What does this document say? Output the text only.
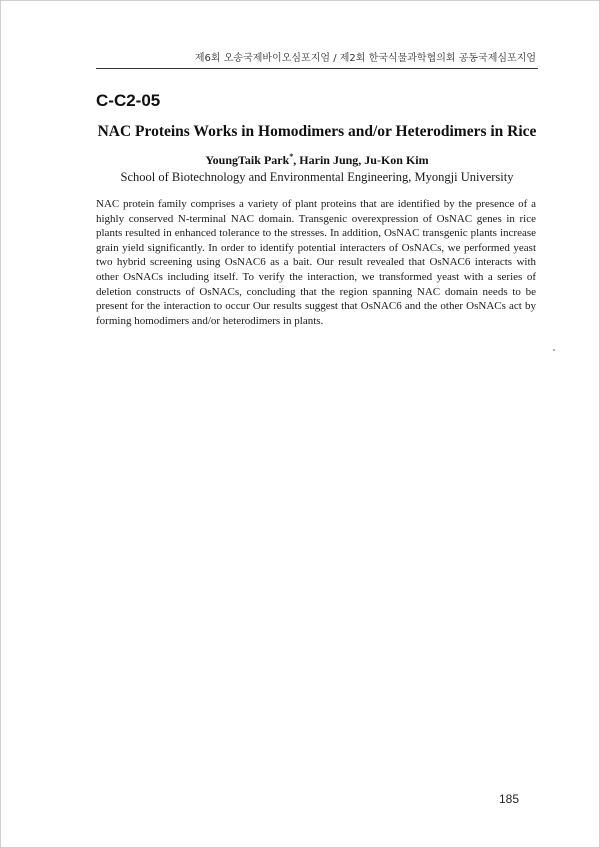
제6회 오송국제바이오심포지엄 / 제2회 한국식물과학협의회 공동국제심포지엄
C-C2-05
NAC Proteins Works in Homodimers and/or Heterodimers in Rice
YoungTaik Park*, Harin Jung, Ju-Kon Kim
School of Biotechnology and Environmental Engineering, Myongji University

NAC protein family comprises a variety of plant proteins that are identified by the presence of a highly conserved N-terminal NAC domain. Transgenic overexpression of OsNAC genes in rice plants resulted in enhanced tolerance to the stresses. In addition, OsNAC transgenic plants increase grain yield significantly. In order to identify potential interacters of OsNACs, we performed yeast two hybrid screening using OsNAC6 as a bait. Our result revealed that OsNAC6 interacts with other OsNACs including itself. To verify the interaction, we transformed yeast with a series of deletion constructs of OsNACs, concluding that the region spanning NAC domain needs to be present for the interaction to occur Our results suggest that OsNAC6 and the other OsNACs act by forming homodimers and/or heterodimers in plants.

185
